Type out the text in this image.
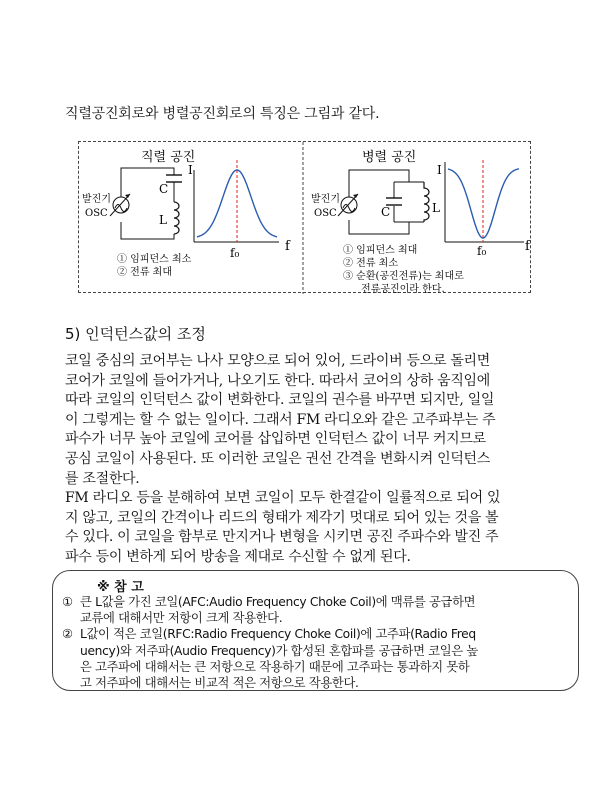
직렬공진회로와 병렬공진회로의 특징은 그림과 같다.
직렬 공진
C
L
발진기
OSC
I
f
f₀
① 임피던스 최소
② 전류 최대
병렬 공진
C	L
발진기
OSC
I
f
f₀
① 임피던스 최대
② 전류 최소
③ 순환(공진전류)는 최대로
전류공진이라 한다.
5) 인덕턴스값의 조정

코일 중심의 코어부는 나사 모양으로 되어 있어, 드라이버 등으로 돌리면
코어가 코일에 들어가거나, 나오기도 한다. 따라서 코어의 상하 움직임에
따라 코일의 인덕턴스 값이 변화한다. 코일의 권수를 바꾸면 되지만, 일일
이 그렇게는 할 수 없는 일이다. 그래서 FM 라디오와 같은 고주파부는 주
파수가 너무 높아 코일에 코어를 삽입하면 인덕턴스 값이 너무 커지므로
공심 코일이 사용된다. 또 이러한 코일은 권선 간격을 변화시켜 인덕턴스
를 조절한다.

FM 라디오 등을 분해하여 보면 코일이 모두 한결같이 일률적으로 되어 있
지 않고, 코일의 간격이나 리드의 형태가 제각기 멋대로 되어 있는 것을 볼
수 있다. 이 코일을 함부로 만지거나 변형을 시키면 공진 주파수와 발진 주
파수 등이 변하게 되어 방송을 제대로 수신할 수 없게 된다.

※ 참 고
① 큰 L값을 가진 코일(AFC:Audio Frequency Choke Coil)에 맥류를 공급하면
교류에 대해서만 저항이 크게 작용한다.
② L값이 적은 코일(RFC:Radio Frequency Choke Coil)에 고주파(Radio Freq
uency)와 저주파(Audio Frequency)가 합성된 혼합파를 공급하면 코일은 높
은 고주파에 대해서는 큰 저항으로 작용하기 때문에 고주파는 통과하지 못하
고 저주파에 대해서는 비교적 적은 저항으로 작용한다.
